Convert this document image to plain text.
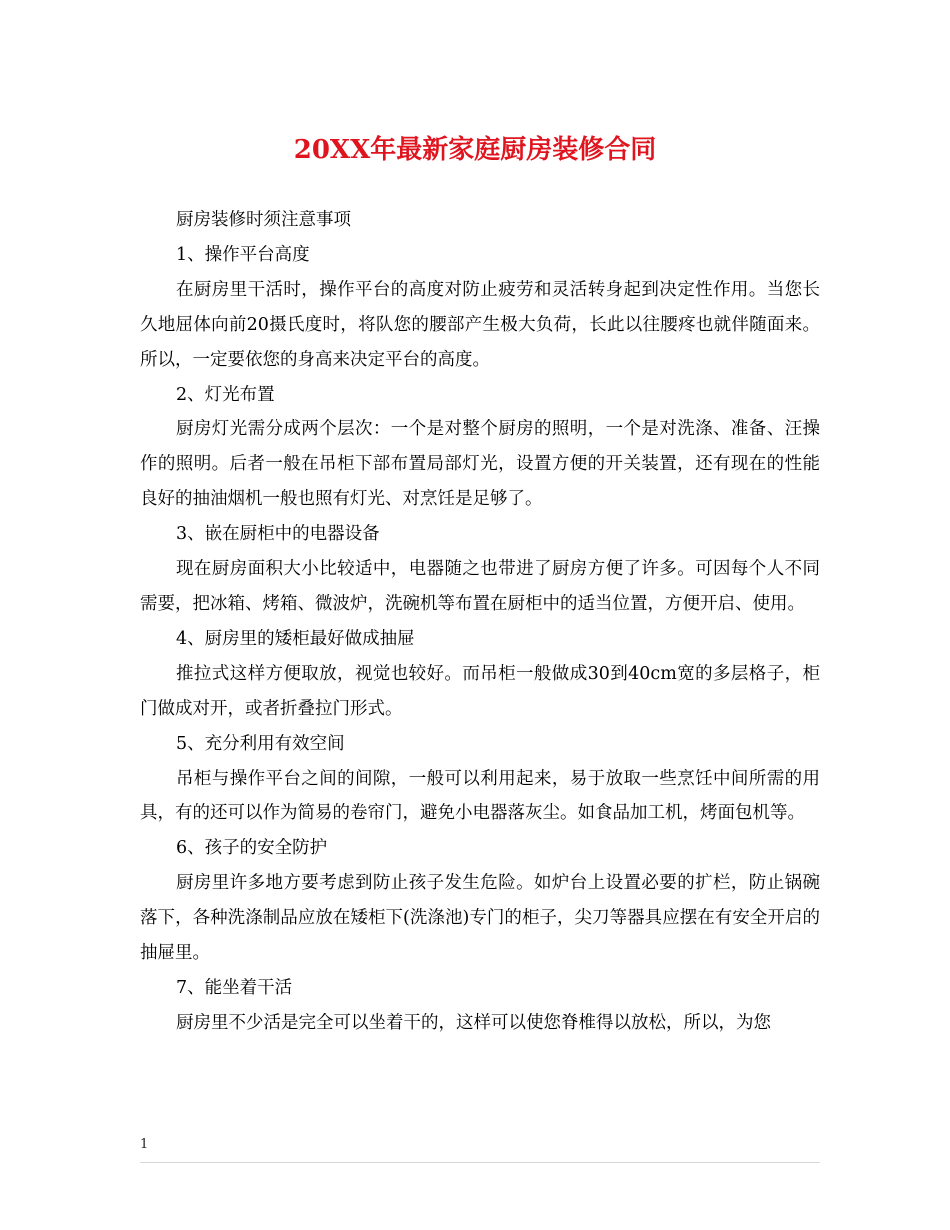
20XX年最新家庭厨房装修合同

厨房装修时须注意事项

1、操作平台高度

在厨房里干活时，操作平台的高度对防止疲劳和灵活转身起到决定性作用。当您长久地屈体向前20摄氏度时，将队您的腰部产生极大负荷，长此以往腰疼也就伴随面来。所以，一定要依您的身高来决定平台的高度。

2、灯光布置

厨房灯光需分成两个层次：一个是对整个厨房的照明，一个是对洗涤、准备、汪操作的照明。后者一般在吊柜下部布置局部灯光，设置方便的开关装置，还有现在的性能良好的抽油烟机一般也照有灯光、对烹饪是足够了。

3、嵌在厨柜中的电器设备

现在厨房面积大小比较适中，电器随之也带进了厨房方便了许多。可因每个人不同需要，把冰箱、烤箱、微波炉，洗碗机等布置在厨柜中的适当位置，方便开启、使用。

4、厨房里的矮柜最好做成抽屉

推拉式这样方便取放，视觉也较好。而吊柜一般做成30到40cm宽的多层格子，柜门做成对开，或者折叠拉门形式。

5、充分利用有效空间

吊柜与操作平台之间的间隙，一般可以利用起来，易于放取一些烹饪中间所需的用具，有的还可以作为简易的卷帘门，避免小电器落灰尘。如食品加工机，烤面包机等。

6、孩子的安全防护

厨房里许多地方要考虑到防止孩子发生危险。如炉台上设置必要的扩栏，防止锅碗落下，各种洗涤制品应放在矮柜下(洗涤池)专门的柜子，尖刀等器具应摆在有安全开启的抽屉里。

7、能坐着干活

厨房里不少活是完全可以坐着干的，这样可以使您脊椎得以放松，所以，为您

1
